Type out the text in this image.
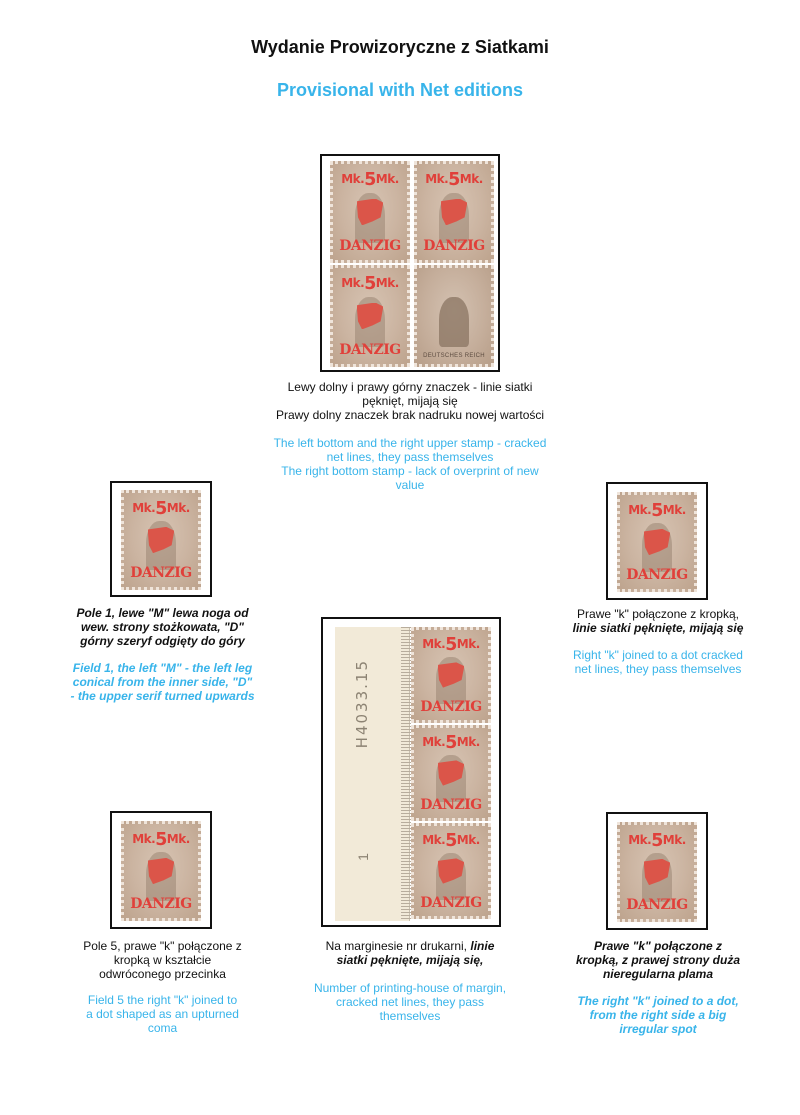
Wydanie Prowizoryczne z Siatkami
Provisional with Net editions
Mk.5Mk.
DANZIG
Mk.5Mk.
DANZIG
Mk.5Mk.
DANZIG	DEUTSCHES REICH
Lewy dolny i prawy górny znaczek - linie siatki
pęknięt, mijają się
Prawy dolny znaczek brak nadruku nowej wartości
The left bottom and the right upper stamp - cracked
net lines, they pass themselves
The right bottom stamp - lack of overprint of new
value
Mk.5Mk.
DANZIG
Pole 1, lewe "M" lewa noga od
wew. strony stożkowata, "D"
górny szeryf odgięty do góry
Field 1, the left "M" - the left leg
conical from the inner side, "D"
- the upper serif turned upwards
Mk.5Mk.
DANZIG
Prawe "k" połączone z kropką,
linie siatki pęknięte, mijają się
Right "k" joined to a dot cracked
net lines, they pass themselves
H4033.15
1
Mk.5Mk.
DANZIG
Mk.5Mk.
DANZIG
Mk.5Mk.
DANZIG
Na marginesie nr drukarni, linie
siatki pęknięte, mijają się,
Number of printing-house of margin,
cracked net lines, they pass
themselves
Mk.5Mk.
DANZIG
Pole 5, prawe "k" połączone z
kropką w kształcie
odwróconego przecinka
Field 5 the right "k" joined to
a dot shaped as an upturned
coma
Mk.5Mk.
DANZIG
Prawe "k" połączone z
kropką, z prawej strony duża
nieregularna plama
The right "k" joined to a dot,
from the right side a big
irregular spot
